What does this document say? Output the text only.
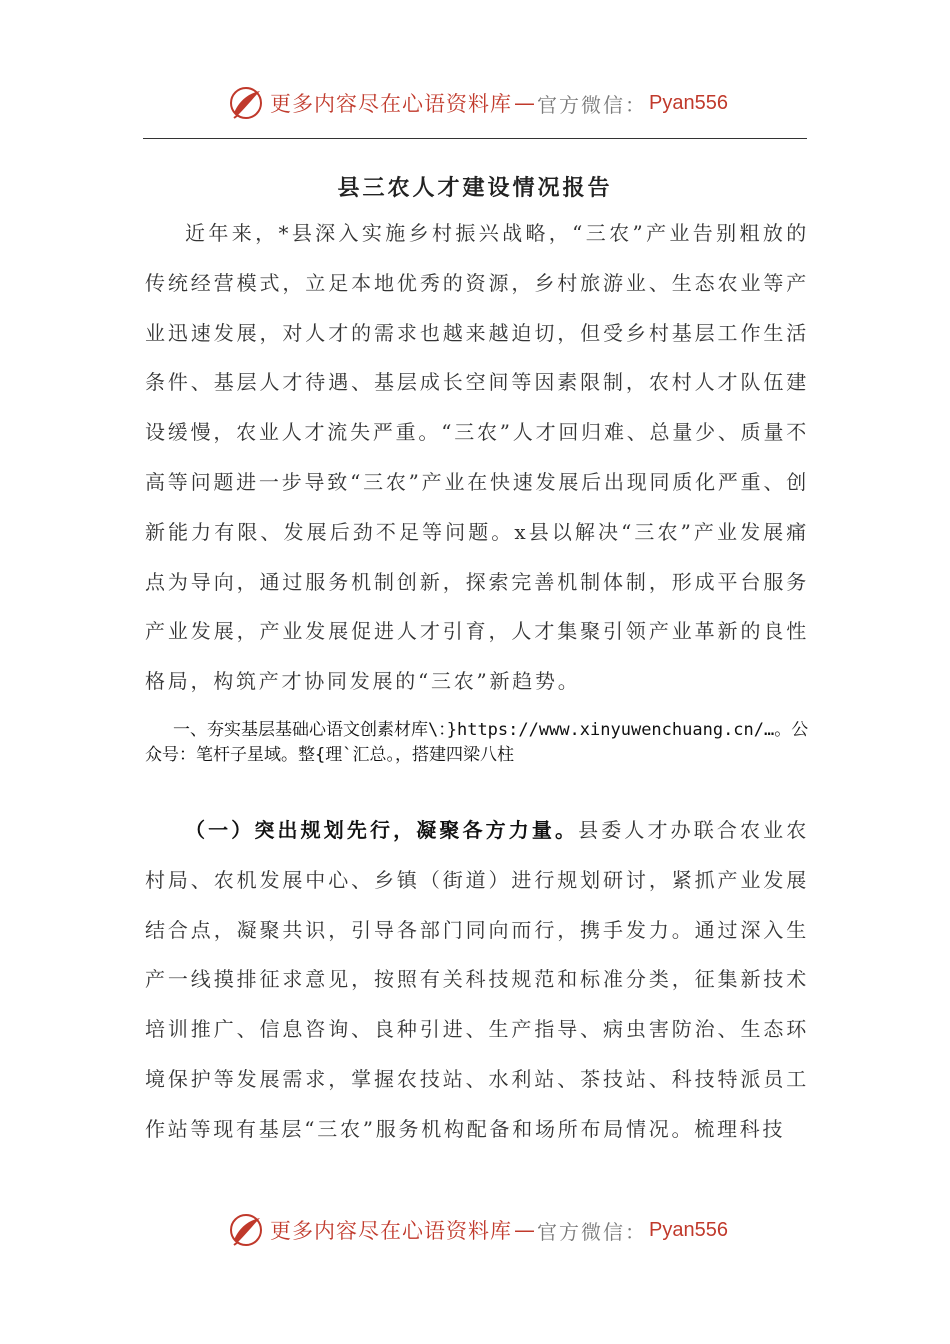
更多内容尽在心语资料库 — 官方微信： Pyan556
县三农人才建设情况报告

近年来，*县深入实施乡村振兴战略，“三农”产业告别粗放的传统经营模式，立足本地优秀的资源，乡村旅游业、生态农业等产业迅速发展，对人才的需求也越来越迫切，但受乡村基层工作生活条件、基层人才待遇、基层成长空间等因素限制，农村人才队伍建设缓慢，农业人才流失严重。“三农”人才回归难、总量少、质量不高等问题进一步导致“三农”产业在快速发展后出现同质化严重、创新能力有限、发展后劲不足等问题。x县以解决“三农”产业发展痛点为导向，通过服务机制创新，探索完善机制体制，形成平台服务产业发展，产业发展促进人才引育，人才集聚引领产业革新的良性格局，构筑产才协同发展的“三农”新趋势。

一、夯实基层基础心语文创素材库\：}https://www.xinyuwenchuang.cn/…。公众号：笔杆子星域。整{理`汇总。，搭建四梁八柱

（一）突出规划先行，凝聚各方力量。县委人才办联合农业农村局、农机发展中心、乡镇（街道）进行规划研讨，紧抓产业发展结合点，凝聚共识，引导各部门同向而行，携手发力。通过深入生产一线摸排征求意见，按照有关科技规范和标准分类，征集新技术培训推广、信息咨询、良种引进、生产指导、病虫害防治、生态环境保护等发展需求，掌握农技站、水利站、茶技站、科技特派员工作站等现有基层“三农”服务机构配备和场所布局情况。梳理科技

更多内容尽在心语资料库 — 官方微信： Pyan556
